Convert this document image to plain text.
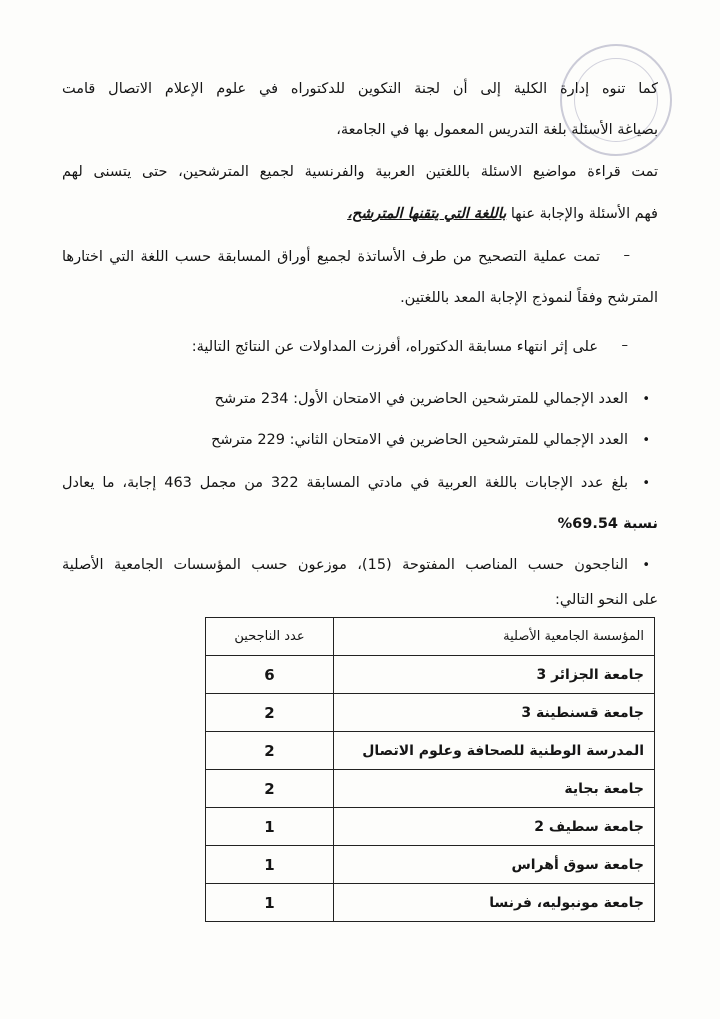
كما تنوه إدارة الكلية إلى أن لجنة التكوين للدكتوراه في علوم الإعلام الاتصال قامت
بصياغة الأسئلة بلغة التدريس المعمول بها في الجامعة،
تمت قراءة مواضيع الاسئلة باللغتين العربية والفرنسية لجميع المترشحين، حتى يتسنى لهم
فهم الأسئلة والإجابة عنها باللغة التي يتقنها المترشح،
–
تمت عملية التصحيح من طرف الأساتذة لجميع أوراق المسابقة حسب اللغة التي اختارها
المترشح وفقاً لنموذج الإجابة المعد باللغتين.
–
على إثر انتهاء مسابقة الدكتوراه، أفرزت المداولات عن النتائج التالية:
•
العدد الإجمالي للمترشحين الحاضرين في الامتحان الأول: 234 مترشح
•
العدد الإجمالي للمترشحين الحاضرين في الامتحان الثاني: 229 مترشح
•
بلغ عدد الإجابات باللغة العربية في مادتي المسابقة 322 من مجمل 463 إجابة، ما يعادل
نسبة 69.54%
•
الناجحون حسب المناصب المفتوحة (15)، موزعون حسب المؤسسات الجامعية الأصلية
على النحو التالي:
المؤسسة الجامعية الأصلية	عدد الناجحين
جامعة الجزائر 3	6
جامعة قسنطينة 3	2
المدرسة الوطنية للصحافة وعلوم الاتصال	2
جامعة بجاية	2
جامعة سطيف 2	1
جامعة سوق أهراس	1
جامعة مونبوليه، فرنسا	1
